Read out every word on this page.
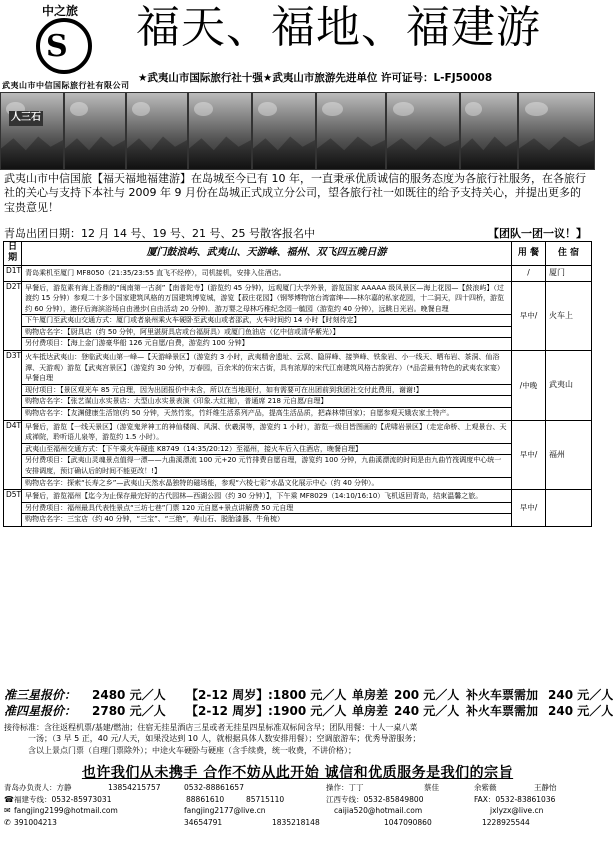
中之旅
S
武夷山市中信国际旅行社有限公司
福天、福地、福建游
★武夷山市国际旅行社十强★武夷山市旅游先进单位 许可证号：L-FJ50008
人三石
武夷山市中信国旅【福天福地福建游】在岛城至今已有 10 年，一直秉承优质诚信的服务态度为各旅行社服务，在各旅行社的关心与支持下本社与 2009 年 9 月份在岛城正式成立分公司，望各旅行社一如既往的给予支持关心，并提出更多的宝贵意见！
青岛出团日期：12 月 14 号、19 号、21 号、25 号散客报名中	【团队一团一议！】
日期	厦门鼓浪屿、武夷山、天游峰、福州、双飞四五晚日游	用 餐	住 宿
D1T	青岛乘机至厦门 MF8050（21:35/23:55 直飞不经停），司机接机，安排入住酒店。	/	厦门
D2T	早餐后，游览素有海上香鼎的“闽南第一古刹”【南普陀寺】(游览约 45 分钟)，远观厦门大学外景，游览国家 AAAAA 级风景区—海上花园—【鼓浪屿】（过渡约 15 分钟）参观二十多个国家建筑风格的万国建筑博览城，游览【菽庄花园】（钢琴博物馆台湾富绅——林尔嘉的私家花园，十二洞天，四十四桥，游览约 60 分钟），港仔后海滨浴场自由漫步(自由活动 20 分钟)．游万婴之母林巧稚纪念园一毓园（游览约 40 分钟），远眺日光岩。晚餐自理

下午厦门至武夷山交通方式：厦门或者泉州乘火车硬卧至武夷山或者邵武，火车时间约 14 小时【时刻待定】

购物店名字：【厨具店（约 50 分钟，阿里湛厨具店或台福厨具）或厦门鱼油店（亿中信或清华紫光）】

另付费项目：【海上金门游豪华船 126 元自愿/自费，游览约 100 分钟】	早中/	火车上
D3T	火车抵达武夷山：登临武夷山第一峰—【天游峰景区】（游览约 3 小时，武夷精舍遗址、云窝、隐屏峰、接笋峰、铁象岩、小一线天、晒布岩、茶洞、仙浴潭、天游观）游览【武夷宫景区】（游览约 30 分钟，万春园，百余米的仿宋古街，具有浓厚的宋代江南建筑风格古韵犹存）（*品尝最有特色的武夷农家宴）早餐自理

现付项目：【景区观光车 85 元自理，因为出团报价中未含，所以在当地现付，如有需要可在出团前到我团社交付此费用，谢谢!】

购物店名字：【张艺谋山水实景店：大型山水实景表演《印象.大红袍》，普通席 218 元自愿/自理】

购物店名字：【友渊健康生活馆(约 50 分钟，天然竹浆，竹纤维生活系列产品，提高生活品质，把森林带回家)；自愿参观天娥农家土特产。	/中晚	武夷山
D4T	早餐后，游览【一线天景区】（游览鬼斧神工的神仙楼阁、风洞、伏羲洞等，游览约 1 小时），游览一级目皆图画的【虎啸岩景区】（走定命桥、上观景台、天成禅院，聆听语儿泉等，游览约 1.5 小时）。

武夷山至福州交通方式：【下午乘火车硬座 K8749（14:35/20:12）至福州，接火车后入住酒店，晚餐自理】

另付费项目：【武夷山灵魂景点值得一漂——九曲溪漂流 100 元+20 元竹排费自愿自理，游览约 100 分钟，九曲溪漂流的时间是由九曲竹筏调度中心统一安排调度，预订确认后的时间不能更改！!】

购物店名字：探索“长寿之乡”—武夷山天然水晶独特的磁场能，参观“六棱七彩”水晶文化展示中心（约 40 分钟）。	早中/	福州
D5T	早餐后，游览福州【迄今为止保存最完好的古代园林—西湖公园（约 30 分钟）】，下午乘 MF8029（14:10/16:10）飞机返回青岛，结束温馨之旅。

另付费项目：福州最具代表性景点“三坊七巷”门票 120 元自愿+景点讲解费 50 元自理

购物店名字：三宝店（约 40 分钟，“三宝”、“三绝”，寿山石、脱胎漆器、牛角梳）	早中/	
准三星报价： 2480 元／人 【2-12 周岁】 :1800 元／人 单房差 200 元／人 补火车票需加 240 元／人
准四星报价： 2780 元／人 【2-12 周岁】 :1900 元／人 单房差 240 元／人 补火车票需加 240 元／人
接待标准：含往返程机票/基建/燃油；住宿无挂星酒店三星或者无挂星四星标准双标间含早；团队用餐：十人一桌八菜
一汤；（3 早 5 正，40 元/人天，如果没达到 10 人，就根据具体人数安排用餐）；空调旅游车；优秀导游服务；
含以上景点门票（自理门票除外）；中途火车硬卧与硬座（含手续费，统一收费，不讲价格）；
也许我们从未携手 合作不妨从此开始 诚信和优质服务是我们的宗旨
青岛办负责人：方静	13854215757	0532-88861657	操作：丁丁	蔡佳	余紫薇	王静怡
☎ 福建专线：0532-85973031	88861610	85715110	江西专线：0532-85849800	FAX：0532-83861036
✉ fangjing2199@hotmail.com	fangjing2177@live.cn	caijia520@hotmail.com	jxlyzx@live.cn
✆ 391004213	34654791	1835218148	1047090860	1228925544
